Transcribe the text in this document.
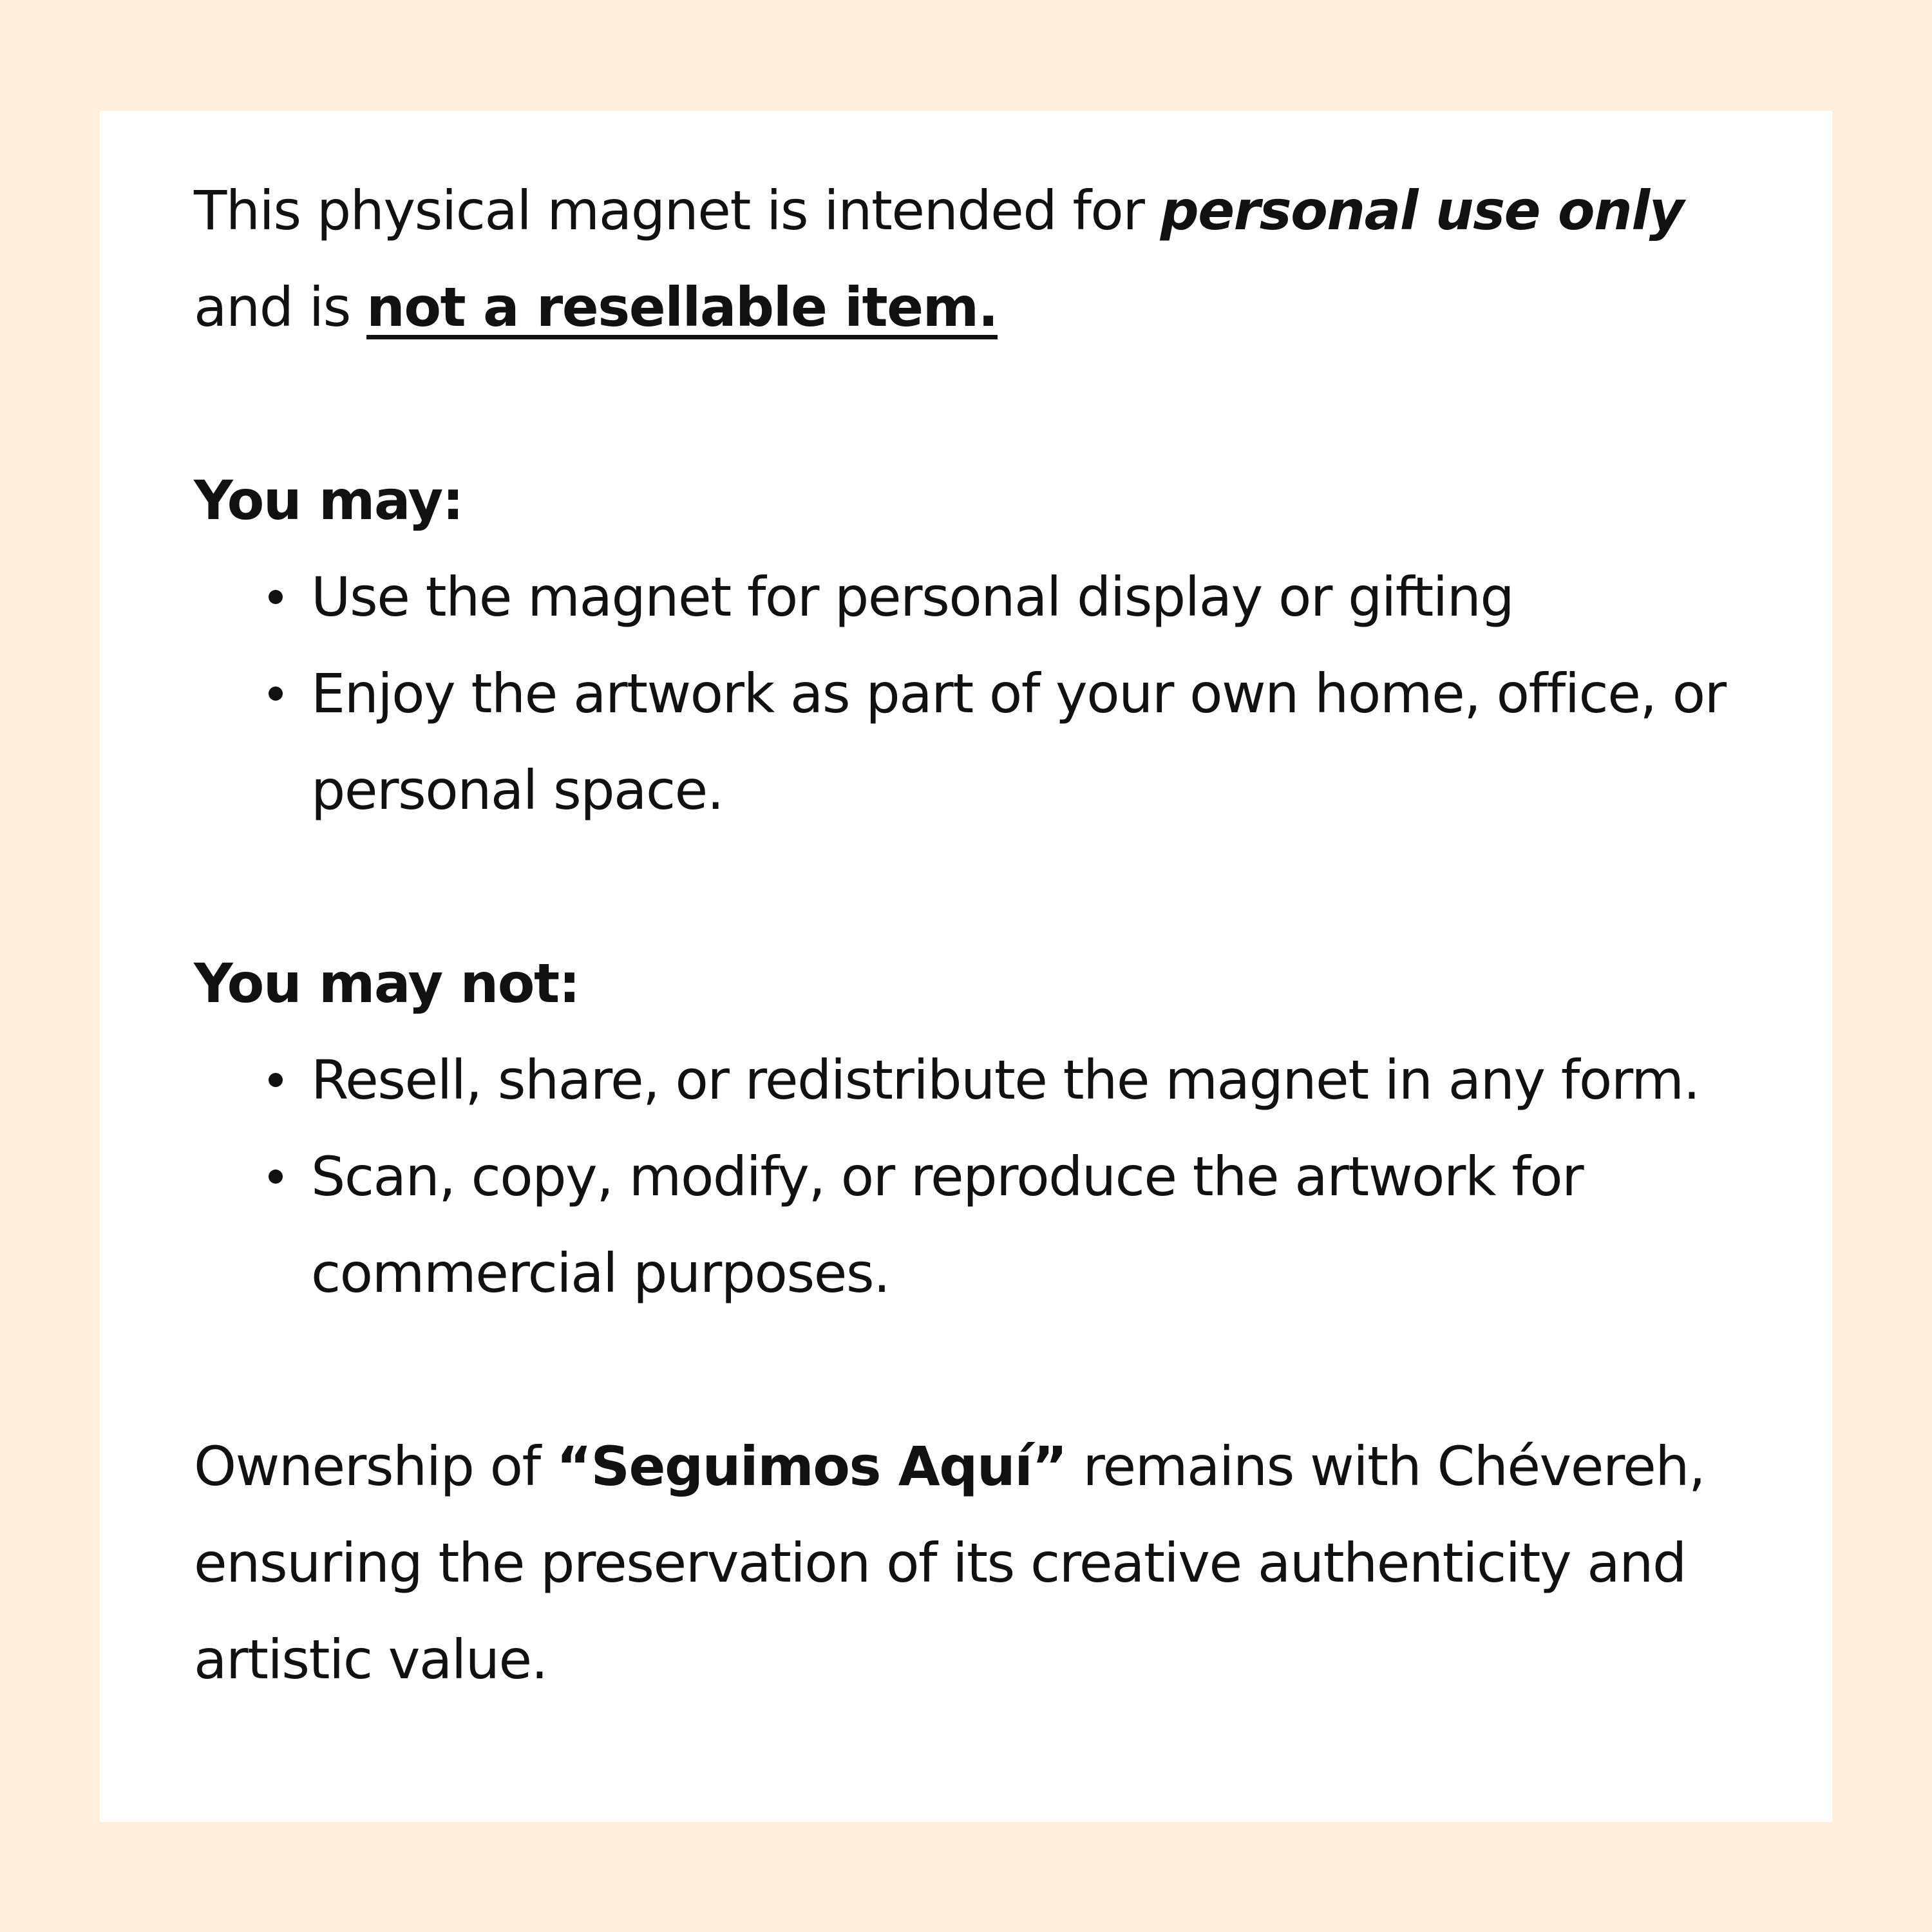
This physical magnet is intended for personal use only and is not a resellable item.

You may:

Use the magnet for personal display or gifting
Enjoy the artwork as part of your own home, office, or personal space.

You may not:

Resell, share, or redistribute the magnet in any form.
Scan, copy, modify, or reproduce the artwork for commercial purposes.

Ownership of “Seguimos Aquí” remains with Chévereh, ensuring the preservation of its creative authenticity and artistic value.
